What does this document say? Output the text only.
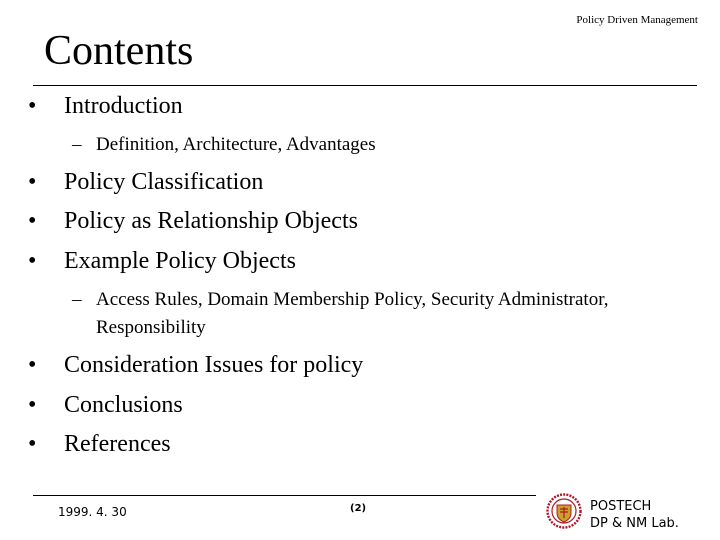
Policy Driven Management
Contents
• Introduction
– Definition, Architecture, Advantages
• Policy Classification
• Policy as Relationship Objects
• Example Policy Objects
– Access Rules, Domain Membership Policy, Security Administrator, Responsibility
• Consideration Issues for policy
• Conclusions
• References
1999. 4. 30	(2)	POSTECH
DP & NM Lab.
